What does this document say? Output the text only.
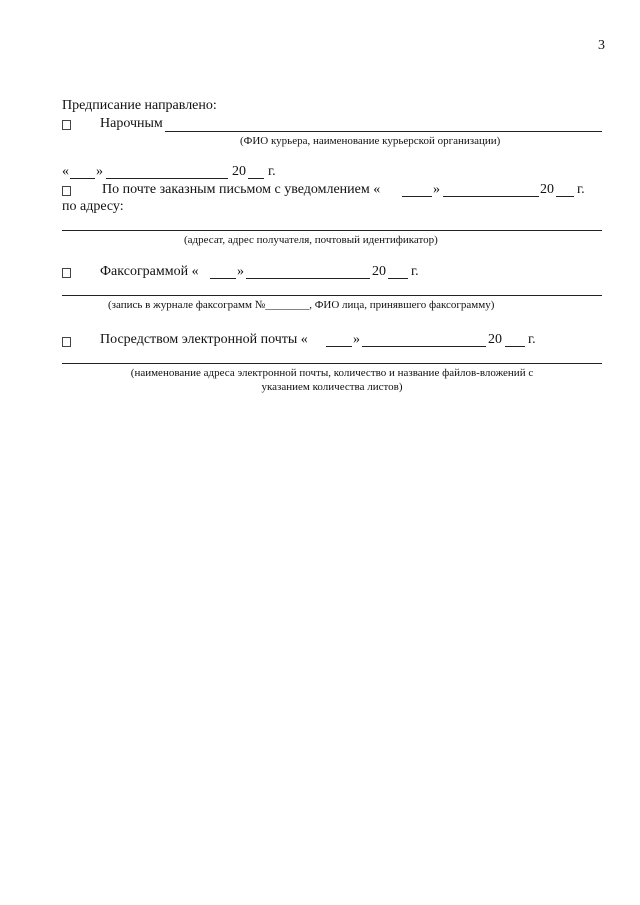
3
Предписание направлено:
Нарочным
(ФИО курьера, наименование курьерской организации)
« »	20 г.
По почте заказным письмом с уведомлением «	»	20 г.
по адресу:
(адресат, адрес получателя, почтовый идентификатор)
Факсограммой «	»	20 г.
(запись в журнале факсограмм №________, ФИО лица, принявшего факсограмму)
Посредством электронной почты «	»	20 г.
(наименование адреса электронной почты, количество и название файлов-вложений с
указанием количества листов)
